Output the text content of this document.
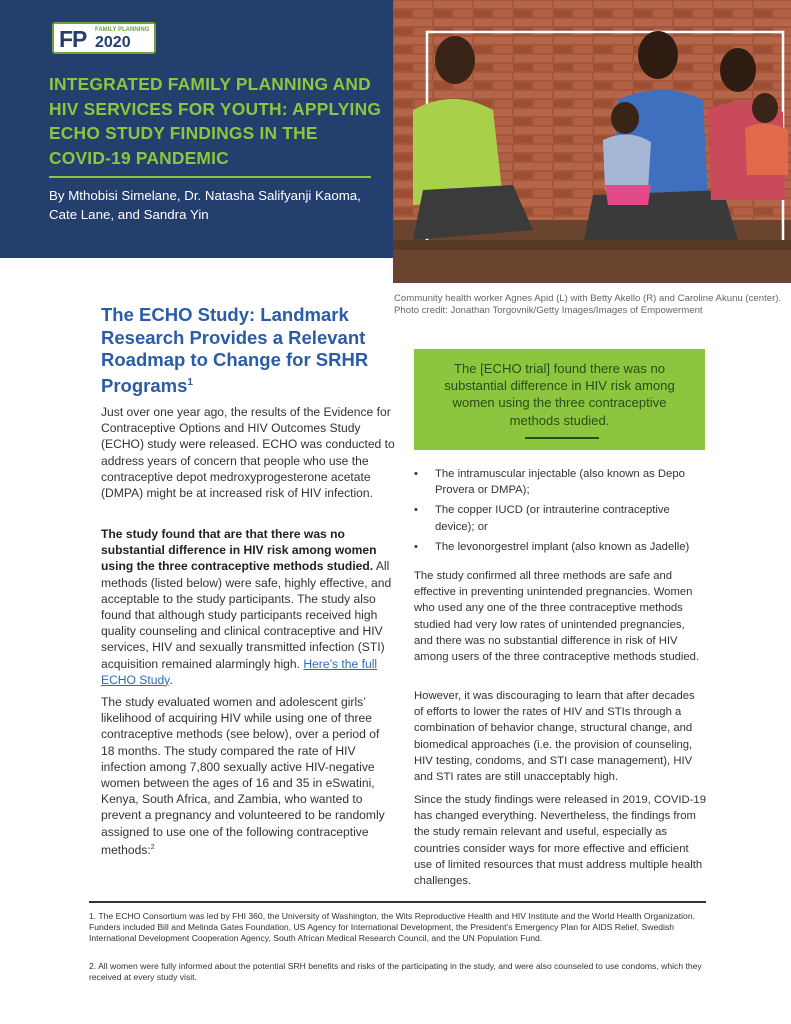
FP FAMILY PLANNING
2020
INTEGRATED FAMILY PLANNING AND HIV SERVICES FOR YOUTH: APPLYING ECHO STUDY FINDINGS IN THE COVID-19 PANDEMIC
By Mthobisi Simelane, Dr. Natasha Salifyanji Kaoma, Cate Lane, and Sandra Yin
Community health worker Agnes Apid (L) with Betty Akello (R) and Caroline Akunu (center). Photo credit: Jonathan Torgovnik/Getty Images/Images of Empowerment
The ECHO Study: Landmark Research Provides a Relevant Roadmap to Change for SRHR Programs$^1$

Just over one year ago, the results of the Evidence for Contraceptive Options and HIV Outcomes Study (ECHO) study were released. ECHO was conducted to address years of concern that people who use the contraceptive depot medroxyprogesterone acetate (DMPA) might be at increased risk of HIV infection.

The study found that are that there was no substantial difference in HIV risk among women using the three contraceptive methods studied. All methods (listed below) were safe, highly effective, and acceptable to the study participants. The study also found that although study participants received high quality counseling and clinical contraceptive and HIV services, HIV and sexually transmitted infection (STI) acquisition remained alarmingly high. Here’s the full ECHO Study.

The study evaluated women and adolescent girls’ likelihood of acquiring HIV while using one of three contraceptive methods (see below), over a period of 18 months. The study compared the rate of HIV infection among 7,800 sexually active HIV-negative women between the ages of 16 and 35 in eSwatini, Kenya, South Africa, and Zambia, who wanted to prevent a pregnancy and volunteered to be randomly assigned to use one of the following contraceptive methods:$^2$

The [ECHO trial] found there was no substantial difference in HIV risk among women using the three contraceptive methods studied.
• The intramuscular injectable (also known as Depo Provera or DMPA);
• The copper IUCD (or intrauterine contraceptive device); or
• The levonorgestrel implant (also known as Jadelle)

The study confirmed all three methods are safe and effective in preventing unintended pregnancies. Women who used any one of the three contraceptive methods studied had very low rates of unintended pregnancies, and there was no substantial difference in risk of HIV among users of the three contraceptive methods studied.

However, it was discouraging to learn that after decades of efforts to lower the rates of HIV and STIs through a combination of behavior change, structural change, and biomedical approaches (i.e. the provision of counseling, HIV testing, condoms, and STI case management), HIV and STI rates are still unacceptably high.

Since the study findings were released in 2019, COVID-19 has changed everything. Nevertheless, the findings from the study remain relevant and useful, especially as countries consider ways for more effective and efficient use of limited resources that must address multiple health challenges.

1. The ECHO Consortium was led by FHI 360, the University of Washington, the Wits Reproductive Health and HIV Institute and the World Health Organization. Funders included Bill and Melinda Gates Foundation, US Agency for International Development, the President’s Emergency Plan for AIDS Relief, Swedish International Development Cooperation Agency, South African Medical Research Council, and the UN Population Fund.

2. All women were fully informed about the potential SRH benefits and risks of the participating in the study, and were also counseled to use condoms, which they received at every study visit.
